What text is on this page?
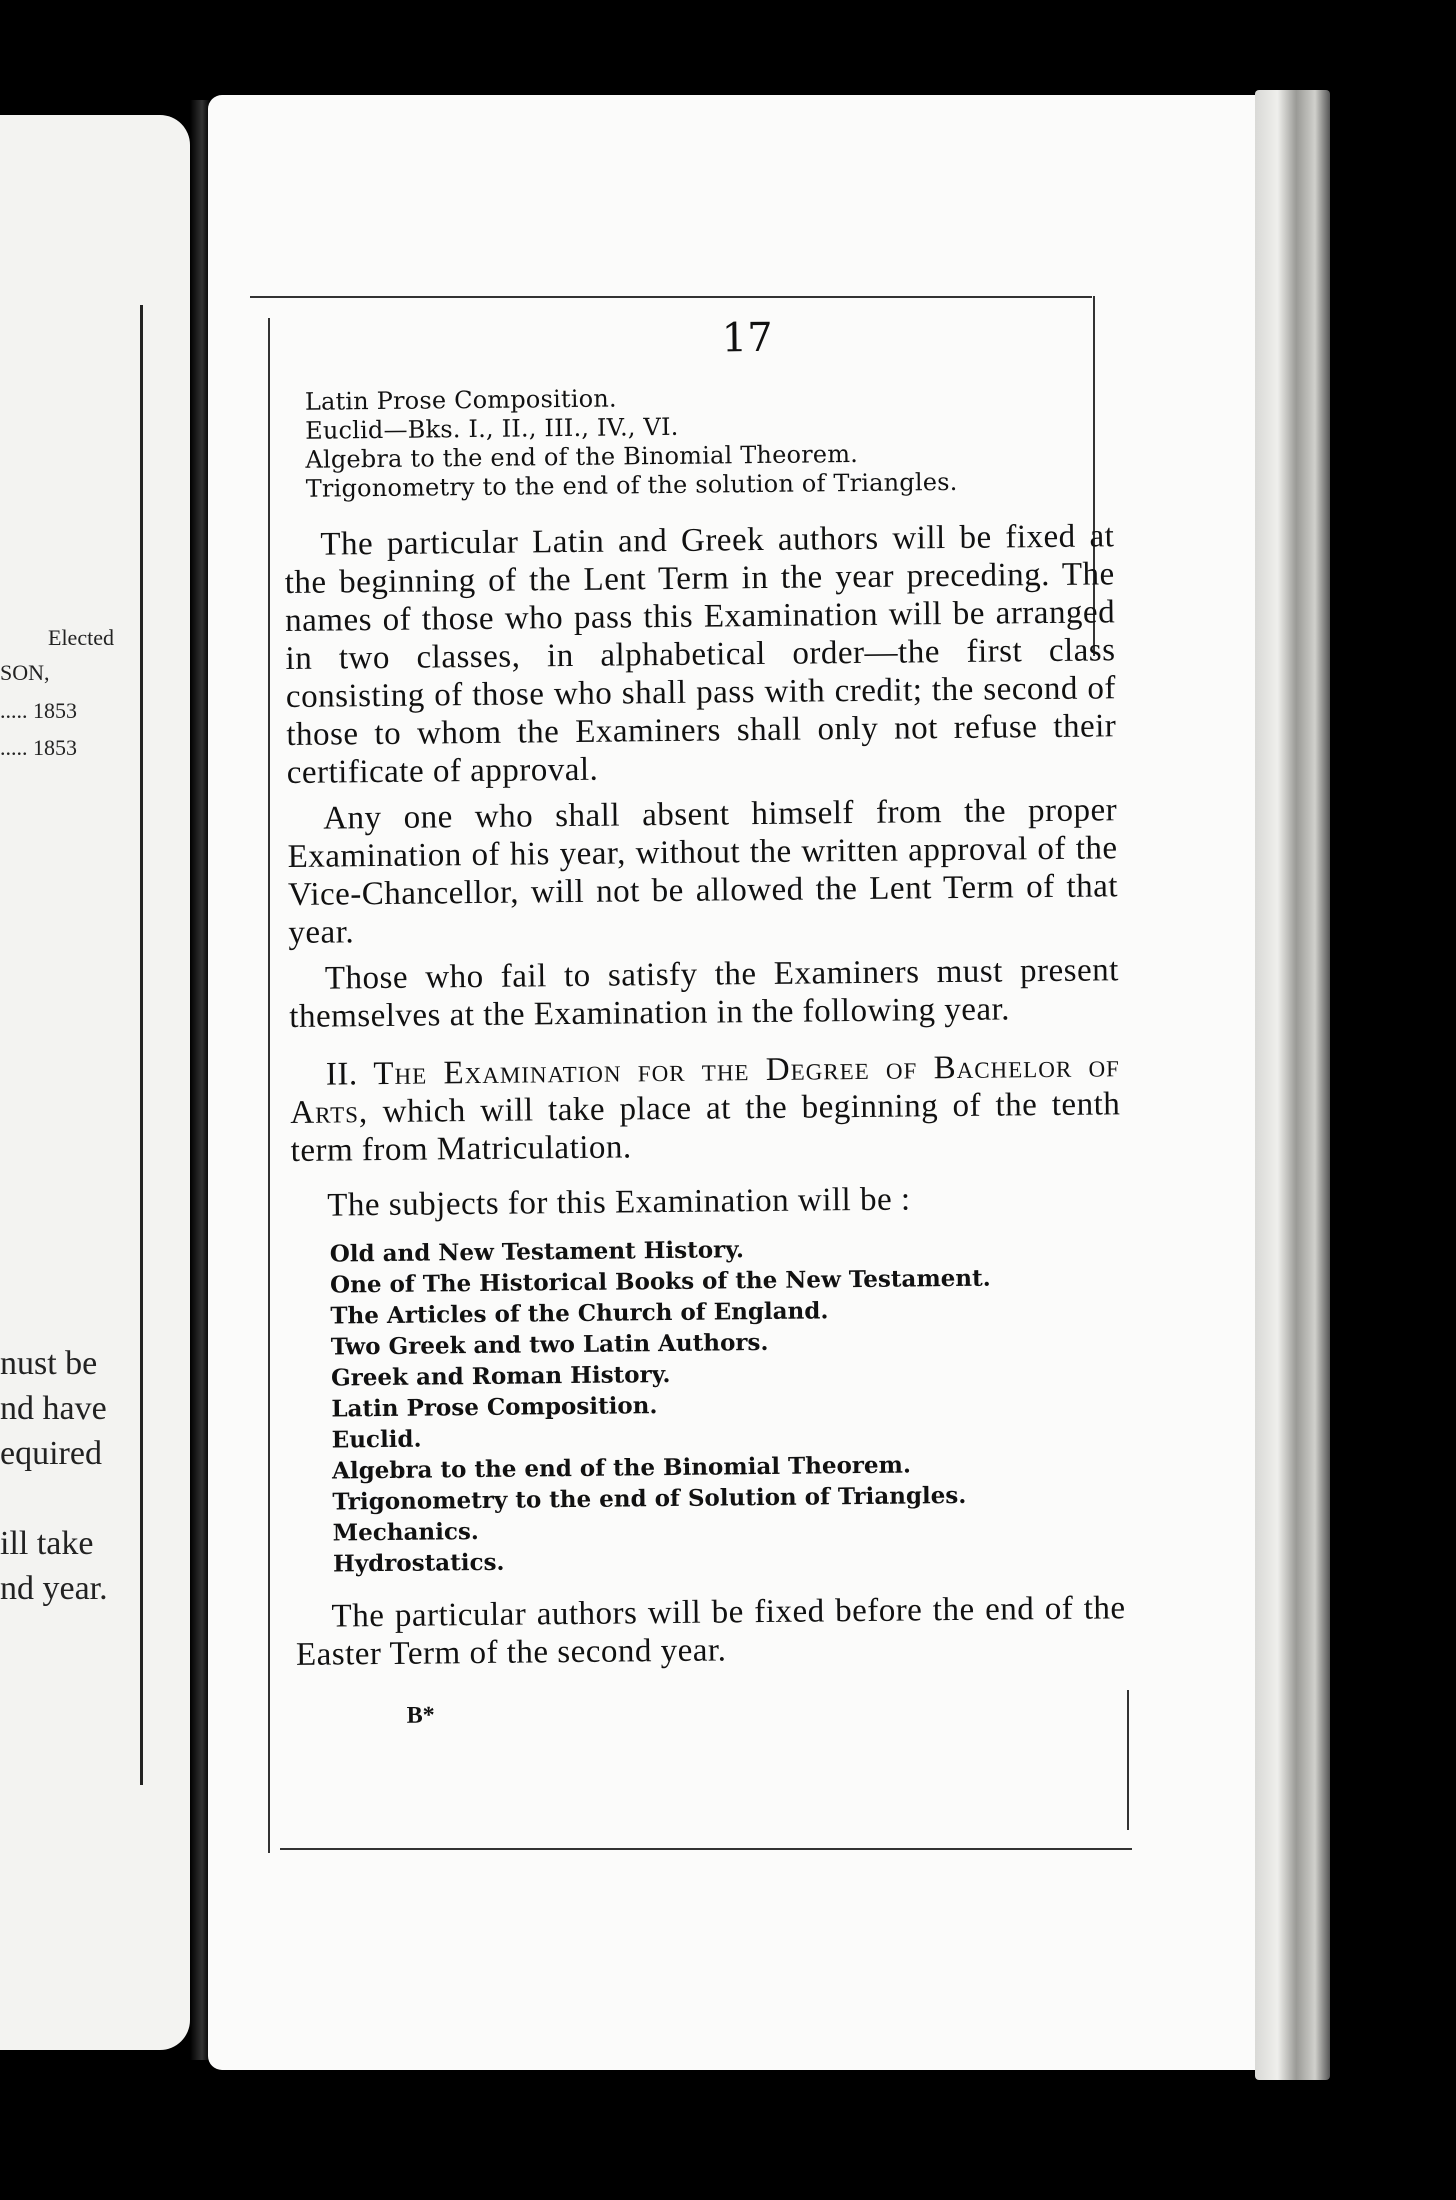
Elected
SON,
..... 1853
..... 1853
nust be
nd have
equired
ill take
nd year.
17
Latin Prose Composition.
Euclid—Bks. I., II., III., IV., VI.
Algebra to the end of the Binomial Theorem.
Trigonometry to the end of the solution of Triangles.

The particular Latin and Greek authors will be fixed at the beginning of the Lent Term in the year preceding. The names of those who pass this Examination will be arranged in two classes, in alphabetical order—the first class consisting of those who shall pass with credit; the second of those to whom the Examiners shall only not refuse their certificate of approval.

Any one who shall absent himself from the proper Examination of his year, without the written approval of the Vice-Chancellor, will not be allowed the Lent Term of that year.

Those who fail to satisfy the Examiners must present themselves at the Examination in the following year.

II. The Examination for the Degree of Bachelor of Arts, which will take place at the beginning of the tenth term from Matriculation.

The subjects for this Examination will be :
Old and New Testament History.
One of The Historical Books of the New Testament.
The Articles of the Church of England.
Two Greek and two Latin Authors.
Greek and Roman History.
Latin Prose Composition.
Euclid.
Algebra to the end of the Binomial Theorem.
Trigonometry to the end of Solution of Triangles.
Mechanics.
Hydrostatics.

The particular authors will be fixed before the end of the Easter Term of the second year.

B*
